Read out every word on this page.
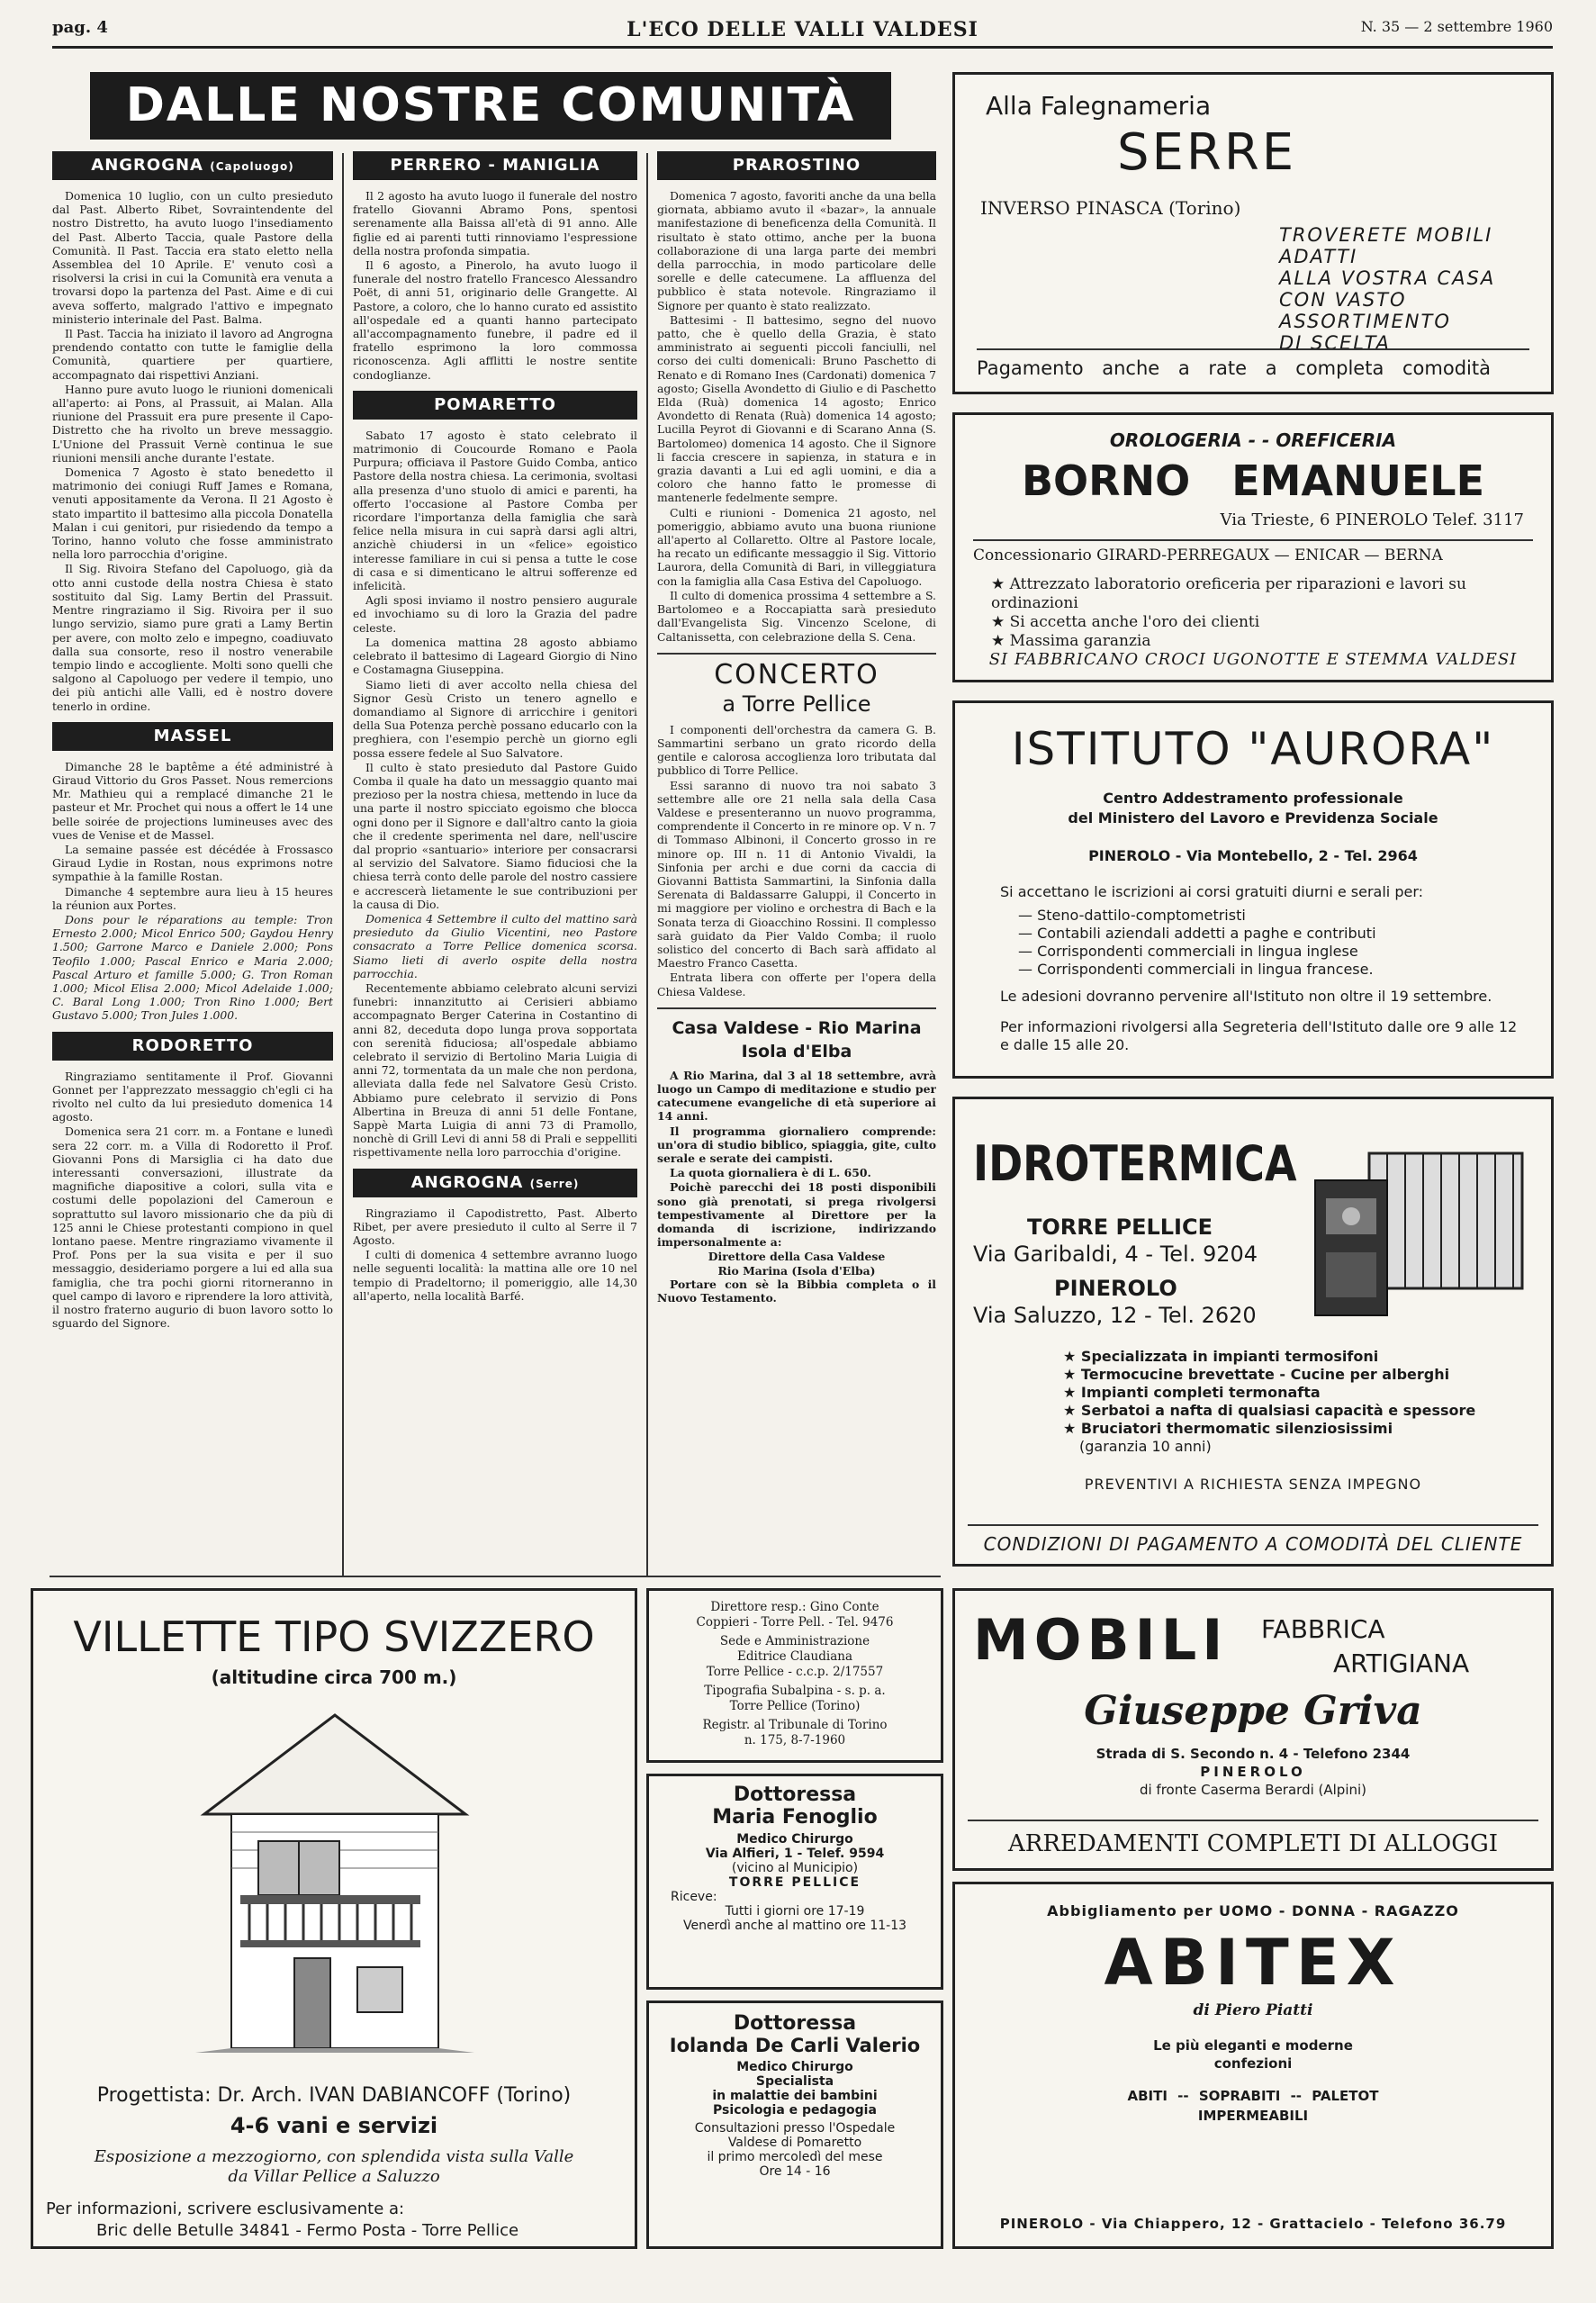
pag. 4	L'ECO DELLE VALLI VALDESI	N. 35 — 2 settembre 1960
DALLE NOSTRE COMUNITÀ
ANGROGNA (Capoluogo)

Domenica 10 luglio, con un culto presieduto dal Past. Alberto Ribet, Sovraintendente del nostro Distretto, ha avuto luogo l'insediamento del Past. Alberto Taccia, quale Pastore della Comunità. Il Past. Taccia era stato eletto nella Assemblea del 10 Aprile. E' venuto così a risolversi la crisi in cui la Comunità era venuta a trovarsi dopo la partenza del Past. Aime e di cui aveva sofferto, malgrado l'attivo e impegnato ministerio interinale del Past. Balma.

Il Past. Taccia ha iniziato il lavoro ad Angrogna prendendo contatto con tutte le famiglie della Comunità, quartiere per quartiere, accompagnato dai rispettivi Anziani.

Hanno pure avuto luogo le riunioni domenicali all'aperto: ai Pons, al Prassuit, ai Malan. Alla riunione del Prassuit era pure presente il Capo-Distretto che ha rivolto un breve messaggio. L'Unione del Prassuit Vernè continua le sue riunioni mensili anche durante l'estate.

Domenica 7 Agosto è stato benedetto il matrimonio dei coniugi Ruff James e Romana, venuti appositamente da Verona. Il 21 Agosto è stato impartito il battesimo alla piccola Donatella Malan i cui genitori, pur risiedendo da tempo a Torino, hanno voluto che fosse amministrato nella loro parrocchia d'origine.

Il Sig. Rivoira Stefano del Capoluogo, già da otto anni custode della nostra Chiesa è stato sostituito dal Sig. Lamy Bertin del Prassuit. Mentre ringraziamo il Sig. Rivoira per il suo lungo servizio, siamo pure grati a Lamy Bertin per avere, con molto zelo e impegno, coadiuvato dalla sua consorte, reso il nostro venerabile tempio lindo e accogliente. Molti sono quelli che salgono al Capoluogo per vedere il tempio, uno dei più antichi alle Valli, ed è nostro dovere tenerlo in ordine.

MASSEL

Dimanche 28 le baptême a été administré à Giraud Vittorio du Gros Passet. Nous remercions Mr. Mathieu qui a remplacé dimanche 21 le pasteur et Mr. Prochet qui nous a offert le 14 une belle soirée de projections lumineuses avec des vues de Venise et de Massel.

La semaine passée est décédée à Frossasco Giraud Lydie in Rostan, nous exprimons notre sympathie à la famille Rostan.

Dimanche 4 septembre aura lieu à 15 heures la réunion aux Portes.

Dons pour le réparations au temple: Tron Ernesto 2.000; Micol Enrico 500; Gaydou Henry 1.500; Garrone Marco e Daniele 2.000; Pons Teofilo 1.000; Pascal Enrico e Maria 2.000; Pascal Arturo et famille 5.000; G. Tron Roman 1.000; Micol Elisa 2.000; Micol Adelaide 1.000; C. Baral Long 1.000; Tron Rino 1.000; Bert Gustavo 5.000; Tron Jules 1.000.

RODORETTO

Ringraziamo sentitamente il Prof. Giovanni Gonnet per l'apprezzato messaggio ch'egli ci ha rivolto nel culto da lui presieduto domenica 14 agosto.

Domenica sera 21 corr. m. a Fontane e lunedì sera 22 corr. m. a Villa di Rodoretto il Prof. Giovanni Pons di Marsiglia ci ha dato due interessanti conversazioni, illustrate da magnifiche diapositive a colori, sulla vita e costumi delle popolazioni del Cameroun e soprattutto sul lavoro missionario che da più di 125 anni le Chiese protestanti compiono in quel lontano paese. Mentre ringraziamo vivamente il Prof. Pons per la sua visita e per il suo messaggio, desideriamo porgere a lui ed alla sua famiglia, che tra pochi giorni ritorneranno in quel campo di lavoro e riprendere la loro attività, il nostro fraterno augurio di buon lavoro sotto lo sguardo del Signore.

PERRERO - MANIGLIA

Il 2 agosto ha avuto luogo il funerale del nostro fratello Giovanni Abramo Pons, spentosi serenamente alla Baissa all'età di 91 anno. Alle figlie ed ai parenti tutti rinnoviamo l'espressione della nostra profonda simpatia.

Il 6 agosto, a Pinerolo, ha avuto luogo il funerale del nostro fratello Francesco Alessandro Poët, di anni 51, originario delle Grangette. Al Pastore, a coloro, che lo hanno curato ed assistito all'ospedale ed a quanti hanno partecipato all'accompagnamento funebre, il padre ed il fratello esprimono la loro commossa riconoscenza. Agli afflitti le nostre sentite condoglianze.

POMARETTO

Sabato 17 agosto è stato celebrato il matrimonio di Coucourde Romano e Paola Purpura; officiava il Pastore Guido Comba, antico Pastore della nostra chiesa. La cerimonia, svoltasi alla presenza d'uno stuolo di amici e parenti, ha offerto l'occasione al Pastore Comba per ricordare l'importanza della famiglia che sarà felice nella misura in cui saprà darsi agli altri, anzichè chiudersi in un «felice» egoistico interesse familiare in cui si pensa a tutte le cose di casa e si dimenticano le altrui sofferenze ed infelicità.

Agli sposi inviamo il nostro pensiero augurale ed invochiamo su di loro la Grazia del padre celeste.

La domenica mattina 28 agosto abbiamo celebrato il battesimo di Lageard Giorgio di Nino e Costamagna Giuseppina.

Siamo lieti di aver accolto nella chiesa del Signor Gesù Cristo un tenero agnello e domandiamo al Signore di arricchire i genitori della Sua Potenza perchè possano educarlo con la preghiera, con l'esempio perchè un giorno egli possa essere fedele al Suo Salvatore.

Il culto è stato presieduto dal Pastore Guido Comba il quale ha dato un messaggio quanto mai prezioso per la nostra chiesa, mettendo in luce da una parte il nostro spicciato egoismo che blocca ogni dono per il Signore e dall'altro canto la gioia che il credente sperimenta nel dare, nell'uscire dal proprio «santuario» interiore per consacrarsi al servizio del Salvatore. Siamo fiduciosi che la chiesa terrà conto delle parole del nostro cassiere e accrescerà lietamente le sue contribuzioni per la causa di Dio.

Domenica 4 Settembre il culto del mattino sarà presieduto da Giulio Vicentini, neo Pastore consacrato a Torre Pellice domenica scorsa. Siamo lieti di averlo ospite della nostra parrocchia.

Recentemente abbiamo celebrato alcuni servizi funebri: innanzitutto ai Cerisieri abbiamo accompagnato Berger Caterina in Costantino di anni 82, deceduta dopo lunga prova sopportata con serenità fiduciosa; all'ospedale abbiamo celebrato il servizio di Bertolino Maria Luigia di anni 72, tormentata da un male che non perdona, alleviata dalla fede nel Salvatore Gesù Cristo. Abbiamo pure celebrato il servizio di Pons Albertina in Breuza di anni 51 delle Fontane, Sappè Marta Luigia di anni 73 di Pramollo, nonchè di Grill Levi di anni 58 di Prali e seppelliti rispettivamente nella loro parrocchia d'origine.

ANGROGNA (Serre)

Ringraziamo il Capodistretto, Past. Alberto Ribet, per avere presieduto il culto al Serre il 7 Agosto.

I culti di domenica 4 settembre avranno luogo nelle seguenti località: la mattina alle ore 10 nel tempio di Pradeltorno; il pomeriggio, alle 14,30 all'aperto, nella località Barfé.

PRAROSTINO

Domenica 7 agosto, favoriti anche da una bella giornata, abbiamo avuto il «bazar», la annuale manifestazione di beneficenza della Comunità. Il risultato è stato ottimo, anche per la buona collaborazione di una larga parte dei membri della parrocchia, in modo particolare delle sorelle e delle catecumene. La affluenza del pubblico è stata notevole. Ringraziamo il Signore per quanto è stato realizzato.

Battesimi - Il battesimo, segno del nuovo patto, che è quello della Grazia, è stato amministrato ai seguenti piccoli fanciulli, nel corso dei culti domenicali: Bruno Paschetto di Renato e di Romano Ines (Cardonati) domenica 7 agosto; Gisella Avondetto di Giulio e di Paschetto Elda (Ruà) domenica 14 agosto; Enrico Avondetto di Renata (Ruà) domenica 14 agosto; Lucilla Peyrot di Giovanni e di Scarano Anna (S. Bartolomeo) domenica 14 agosto. Che il Signore li faccia crescere in sapienza, in statura e in grazia davanti a Lui ed agli uomini, e dia a coloro che hanno fatto le promesse di mantenerle fedelmente sempre.

Culti e riunioni - Domenica 21 agosto, nel pomeriggio, abbiamo avuto una buona riunione all'aperto al Collaretto. Oltre al Pastore locale, ha recato un edificante messaggio il Sig. Vittorio Laurora, della Comunità di Bari, in villeggiatura con la famiglia alla Casa Estiva del Capoluogo.

Il culto di domenica prossima 4 settembre a S. Bartolomeo e a Roccapiatta sarà presieduto dall'Evangelista Sig. Vincenzo Scelone, di Caltanissetta, con celebrazione della S. Cena.

CONCERTO
a Torre Pellice

I componenti dell'orchestra da camera G. B. Sammartini serbano un grato ricordo della gentile e calorosa accoglienza loro tributata dal pubblico di Torre Pellice.

Essi saranno di nuovo tra noi sabato 3 settembre alle ore 21 nella sala della Casa Valdese e presenteranno un nuovo programma, comprendente il Concerto in re minore op. V n. 7 di Tommaso Albinoni, il Concerto grosso in re minore op. III n. 11 di Antonio Vivaldi, la Sinfonia per archi e due corni da caccia di Giovanni Battista Sammartini, la Sinfonia dalla Serenata di Baldassarre Galuppi, il Concerto in mi maggiore per violino e orchestra di Bach e la Sonata terza di Gioacchino Rossini. Il complesso sarà guidato da Pier Valdo Comba; il ruolo solistico del concerto di Bach sarà affidato al Maestro Franco Casetta.

Entrata libera con offerte per l'opera della Chiesa Valdese.

Casa Valdese - Rio Marina
Isola d'Elba

A Rio Marina, dal 3 al 18 settembre, avrà luogo un Campo di meditazione e studio per catecumene evangeliche di età superiore ai 14 anni.

Il programma giornaliero comprende: un'ora di studio biblico, spiaggia, gite, culto serale e serate dei campisti.

La quota giornaliera è di L. 650.

Poichè parecchi dei 18 posti disponibili sono già prenotati, si prega rivolgersi tempestivamente al Direttore per la domanda di iscrizione, indirizzando impersonalmente a:

Direttore della Casa Valdese
Rio Marina (Isola d'Elba)

Portare con sè la Bibbia completa o il Nuovo Testamento.

Alla Falegnameria
SERRE
INVERSO PINASCA (Torino)
TROVERETE MOBILI
ADATTI
ALLA VOSTRA CASA
CON VASTO
ASSORTIMENTO
DI SCELTA
Pagamento anche a rate a completa comodità
OROLOGERIA - - OREFICERIA
BORNO EMANUELE
Via Trieste, 6 PINEROLO Telef. 3117
Concessionario GIRARD-PERREGAUX — ENICAR — BERNA
★ Attrezzato laboratorio oreficeria per riparazioni e lavori su ordinazioni
★ Si accetta anche l'oro dei clienti
★ Massima garanzia
SI FABBRICANO CROCI UGONOTTE E STEMMA VALDESI
ISTITUTO "AURORA"
Centro Addestramento professionale
del Ministero del Lavoro e Previdenza Sociale
PINEROLO - Via Montebello, 2 - Tel. 2964
Si accettano le iscrizioni ai corsi gratuiti diurni e serali per:
— Steno-dattilo-comptometristi
— Contabili aziendali addetti a paghe e contributi
— Corrispondenti commerciali in lingua inglese
— Corrispondenti commerciali in lingua francese.
Le adesioni dovranno pervenire all'Istituto non oltre il 19 settembre.
Per informazioni rivolgersi alla Segreteria dell'Istituto dalle ore 9 alle 12 e dalle 15 alle 20.
IDROTERMICA
TORRE PELLICE
Via Garibaldi, 4 - Tel. 9204
PINEROLO
Via Saluzzo, 12 - Tel. 2620
★ Specializzata in impianti termosifoni
★ Termocucine brevettate - Cucine per alberghi
★ Impianti completi termonafta
★ Serbatoi a nafta di qualsiasi capacità e spessore
★ Bruciatori thermomatic silenziosissimi
(garanzia 10 anni)
PREVENTIVI A RICHIESTA SENZA IMPEGNO
CONDIZIONI DI PAGAMENTO A COMODITÀ DEL CLIENTE
VILLETTE TIPO SVIZZERO
(altitudine circa 700 m.)
Progettista: Dr. Arch. IVAN DABIANCOFF (Torino)
4-6 vani e servizi
Esposizione a mezzogiorno, con splendida vista sulla Valle da Villar Pellice a Saluzzo
Per informazioni, scrivere esclusivamente a:
Bric delle Betulle 34841 - Fermo Posta - Torre Pellice
Direttore resp.: Gino Conte
Coppieri - Torre Pell. - Tel. 9476
Sede e Amministrazione
Editrice Claudiana
Torre Pellice - c.c.p. 2/17557
Tipografia Subalpina - s. p. a.
Torre Pellice (Torino)
Registr. al Tribunale di Torino
n. 175, 8-7-1960
Dottoressa
Maria Fenoglio
Medico Chirurgo
Via Alfieri, 1 - Telef. 9594
(vicino al Municipio)
TORRE PELLICE
Riceve:
Tutti i giorni ore 17-19
Venerdì anche al mattino ore 11-13
Dottoressa
Iolanda De Carli Valerio
Medico Chirurgo
Specialista
in malattie dei bambini
Psicologia e pedagogia
Consultazioni presso l'Ospedale
Valdese di Pomaretto
il primo mercoledì del mese
Ore 14 - 16
MOBILI FABBRICA
ARTIGIANA
Giuseppe Griva
Strada di S. Secondo n. 4 - Telefono 2344
PINEROLO
di fronte Caserma Berardi (Alpini)
ARREDAMENTI COMPLETI DI ALLOGGI
Abbigliamento per UOMO - DONNA - RAGAZZO
ABITEX
di Piero Piatti
Le più eleganti e moderne
confezioni
ABITI -- SOPRABITI -- PALETOT
IMPERMEABILI
PINEROLO - Via Chiappero, 12 - Grattacielo - Telefono 36.79
